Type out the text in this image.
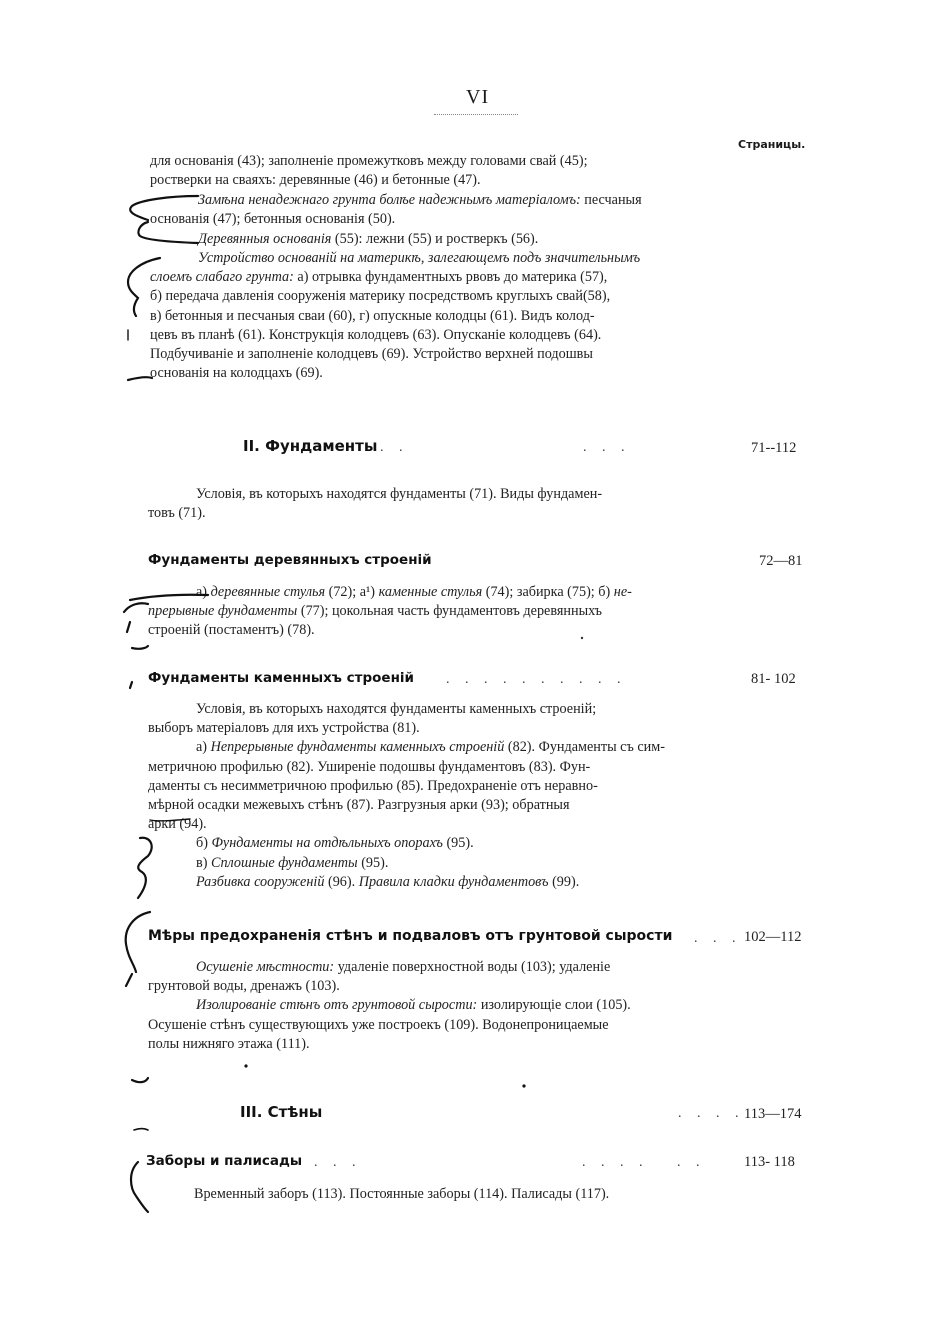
VI
Страницы.
для основанія (43); заполненіе промежутковъ между головами свай (45);
ростверки на сваяхъ: деревянные (46) и бетонные (47).
Замѣна ненадежнаго грунта болѣе надежнымъ матеріаломъ: песчаныя
основанія (47); бетонныя основанія (50).
Деревянныя основанія (55): лежни (55) и ростверкъ (56).
Устройство основаній на материкѣ, залегающемъ подъ значительнымъ
слоемъ слабаго грунта: а) отрывка фундаментныхъ рвовъ до материка (57),
б) передача давленія сооруженія материку посредствомъ круглыхъ свай(58),
в) бетонныя и песчаныя сваи (60), г) опускные колодцы (61). Видъ колод-
цевъ въ планѣ (61). Конструкція колодцевъ (63). Опусканіе колодцевъ (64).
Подбучиваніе и заполненіе колодцевъ (69). Устройство верхней подошвы
основанія на колодцахъ (69).
II. Фундаменты . .	. . .	71--112
Условія, въ которыхъ находятся фундаменты (71). Виды фундамен-
товъ (71).
Фундаменты деревянныхъ строеній	72—81
а) деревянные стулья (72); а¹) каменные стулья (74); забирка (75); б) не-
прерывные фундаменты (77); цокольная часть фундаментовъ деревянныхъ
строеній (постаментъ) (78).
Фундаменты каменныхъ строеній . . . . . . . . . .	81- 102
Условія, въ которыхъ находятся фундаменты каменныхъ строеній;
выборъ матеріаловъ для ихъ устройства (81).
а) Непрерывные фундаменты каменныхъ строеній (82). Фундаменты съ сим-
метричною профилью (82). Уширеніе подошвы фундаментовъ (83). Фун-
даменты съ несимметричною профилью (85). Предохраненіе отъ неравно-
мѣрной осадки межевыхъ стѣнъ (87). Разгрузныя арки (93); обратныя
арки (94).
б) Фундаменты на отдѣльныхъ опорахъ (95).
в) Сплошные фундаменты (95).
Разбивка сооруженій (96). Правила кладки фундаментовъ (99).
Мѣры предохраненія стѣнъ и подваловъ отъ грунтовой сырости . . . 102—112
Осушеніе мѣстности: удаленіе поверхностной воды (103); удаленіе
грунтовой воды, дренажъ (103).
Изолированіе стѣнъ отъ грунтовой сырости: изолирующіе слои (105).
Осушеніе стѣнъ существующихъ уже построекъ (109). Водонепроницаемые
полы нижняго этажа (111).
III. Стѣны	. . . . 113—174
Заборы и палисады . . .	. . . . . .	113- 118
Временный заборъ (113). Постоянные заборы (114). Палисады (117).
